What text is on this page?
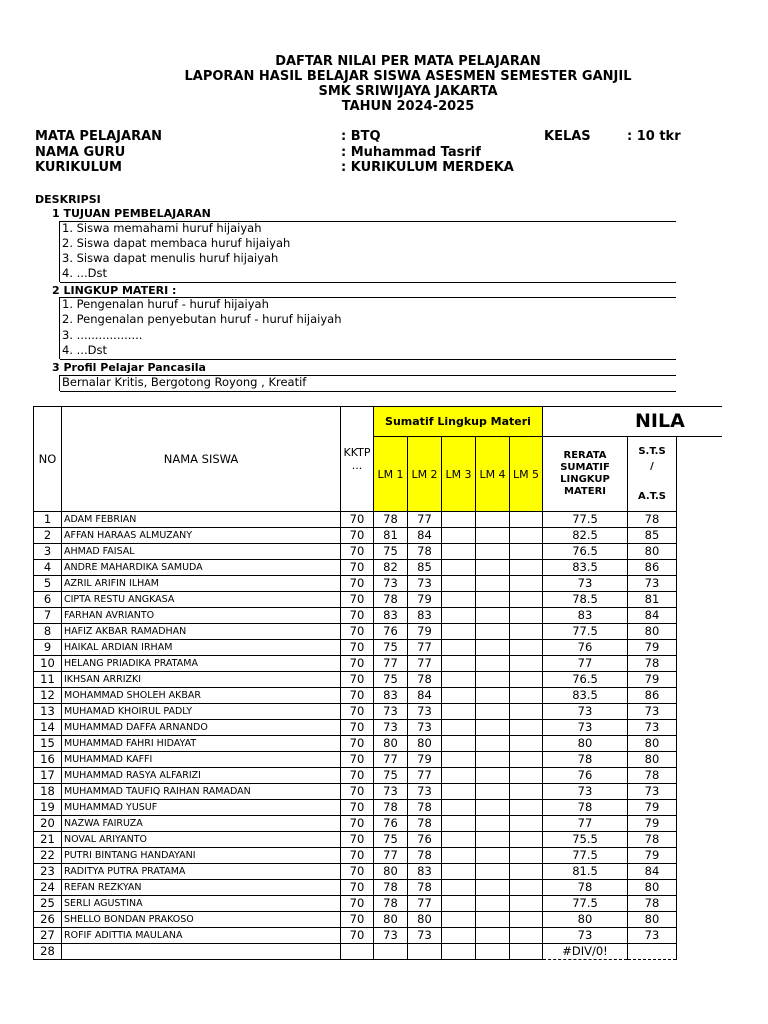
DAFTAR NILAI PER MATA PELAJARAN
LAPORAN HASIL BELAJAR SISWA ASESMEN SEMESTER GANJIL
SMK SRIWIJAYA JAKARTA
TAHUN 2024-2025
MATA PELAJARAN	: BTQ	KELAS	: 10 tkr
NAMA GURU	: Muhammad Tasrif
KURIKULUM	: KURIKULUM MERDEKA
DESKRIPSI
1 TUJUAN PEMBELAJARAN
1. Siswa memahami huruf hijaiyah
2. Siswa dapat membaca huruf hijaiyah
3. Siswa dapat menulis huruf hijaiyah
4. ...Dst
2 LINGKUP MATERI :
1. Pengenalan huruf - huruf hijaiyah
2. Pengenalan penyebutan huruf - huruf hijaiyah
3. ..................
4. ...Dst
3 Profil Pelajar Pancasila
Bernalar Kritis, Bergotong Royong , Kreatif
NO	NAMA SISWA	KKTP ...	Sumatif Lingkup Materi					NILA		
			LM 1	LM 2	LM 3	LM 4	LM 5	RERATA SUMATIF LINGKUP MATERI	S.T.S
/

A.T.S	

1	ADAM FEBRIAN	70	78	77				77.5	78	
2	AFFAN HARAAS ALMUZANY	70	81	84				82.5	85	
3	AHMAD FAISAL	70	75	78				76.5	80	
4	ANDRE MAHARDIKA SAMUDA	70	82	85				83.5	86	
5	AZRIL ARIFIN ILHAM	70	73	73				73	73	
6	CIPTA RESTU ANGKASA	70	78	79				78.5	81	
7	FARHAN AVRIANTO	70	83	83				83	84	
8	HAFIZ AKBAR RAMADHAN	70	76	79				77.5	80	
9	HAIKAL ARDIAN IRHAM	70	75	77				76	79	
10	HELANG PRIADIKA PRATAMA	70	77	77				77	78	
11	IKHSAN ARRIZKI	70	75	78				76.5	79	
12	MOHAMMAD SHOLEH AKBAR	70	83	84				83.5	86	
13	MUHAMAD KHOIRUL PADLY	70	73	73				73	73	
14	MUHAMMAD DAFFA ARNANDO	70	73	73				73	73	
15	MUHAMMAD FAHRI HIDAYAT	70	80	80				80	80	
16	MUHAMMAD KAFFI	70	77	79				78	80	
17	MUHAMMAD RASYA ALFARIZI	70	75	77				76	78	
18	MUHAMMAD TAUFIQ RAIHAN RAMADAN	70	73	73				73	73	
19	MUHAMMAD YUSUF	70	78	78				78	79	
20	NAZWA FAIRUZA	70	76	78				77	79	
21	NOVAL ARIYANTO	70	75	76				75.5	78	
22	PUTRI BINTANG HANDAYANI	70	77	78				77.5	79	
23	RADITYA PUTRA PRATAMA	70	80	83				81.5	84	
24	REFAN REZKYAN	70	78	78				78	80	
25	SERLI AGUSTINA	70	78	77				77.5	78	
26	SHELLO BONDAN PRAKOSO	70	80	80				80	80	
27	ROFIF ADITTIA MAULANA	70	73	73				73	73	
28								#DIV/0!		
